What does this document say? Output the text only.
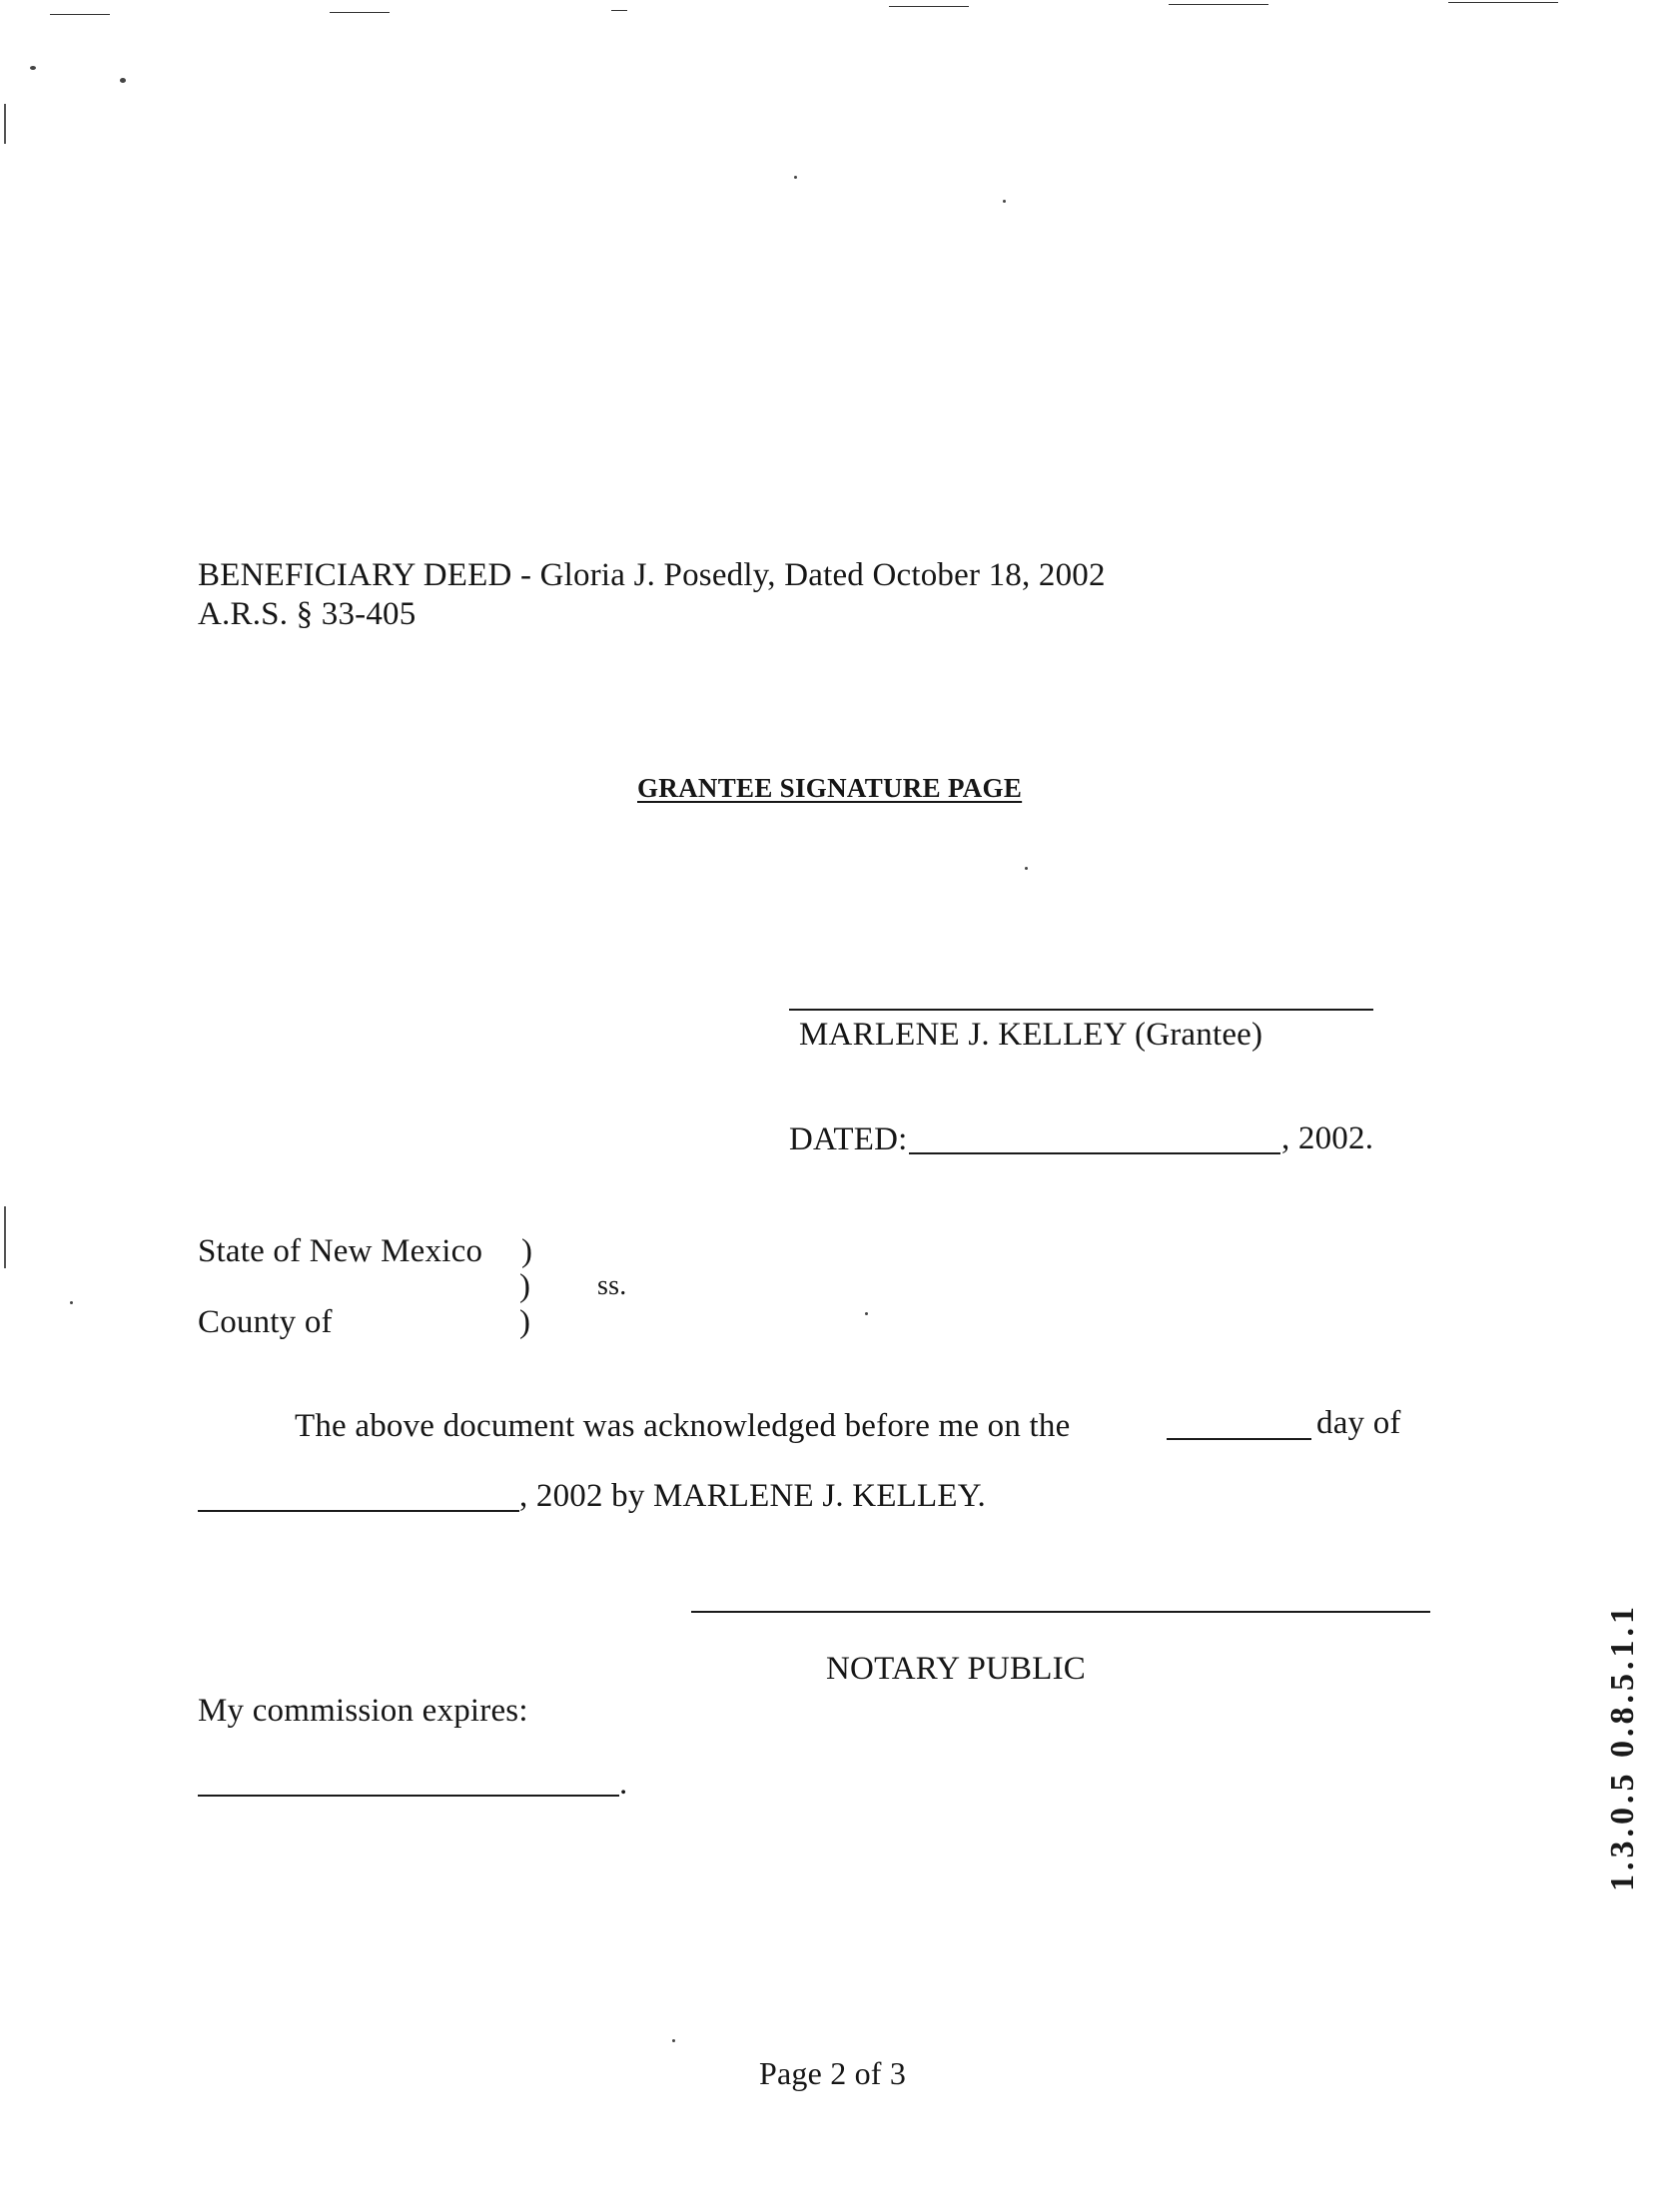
BENEFICIARY DEED - Gloria J. Posedly, Dated October 18, 2002
A.R.S. § 33-405
GRANTEE SIGNATURE PAGE
MARLENE J. KELLEY (Grantee)
DATED:	, 2002.
State of New Mexico )
) ss.
County of	)
The above document was acknowledged before me on the	day of
, 2002 by MARLENE J. KELLEY.
NOTARY PUBLIC
My commission expires:
.	1.3.0.5 0.8.5.1.1
Page 2 of 3
